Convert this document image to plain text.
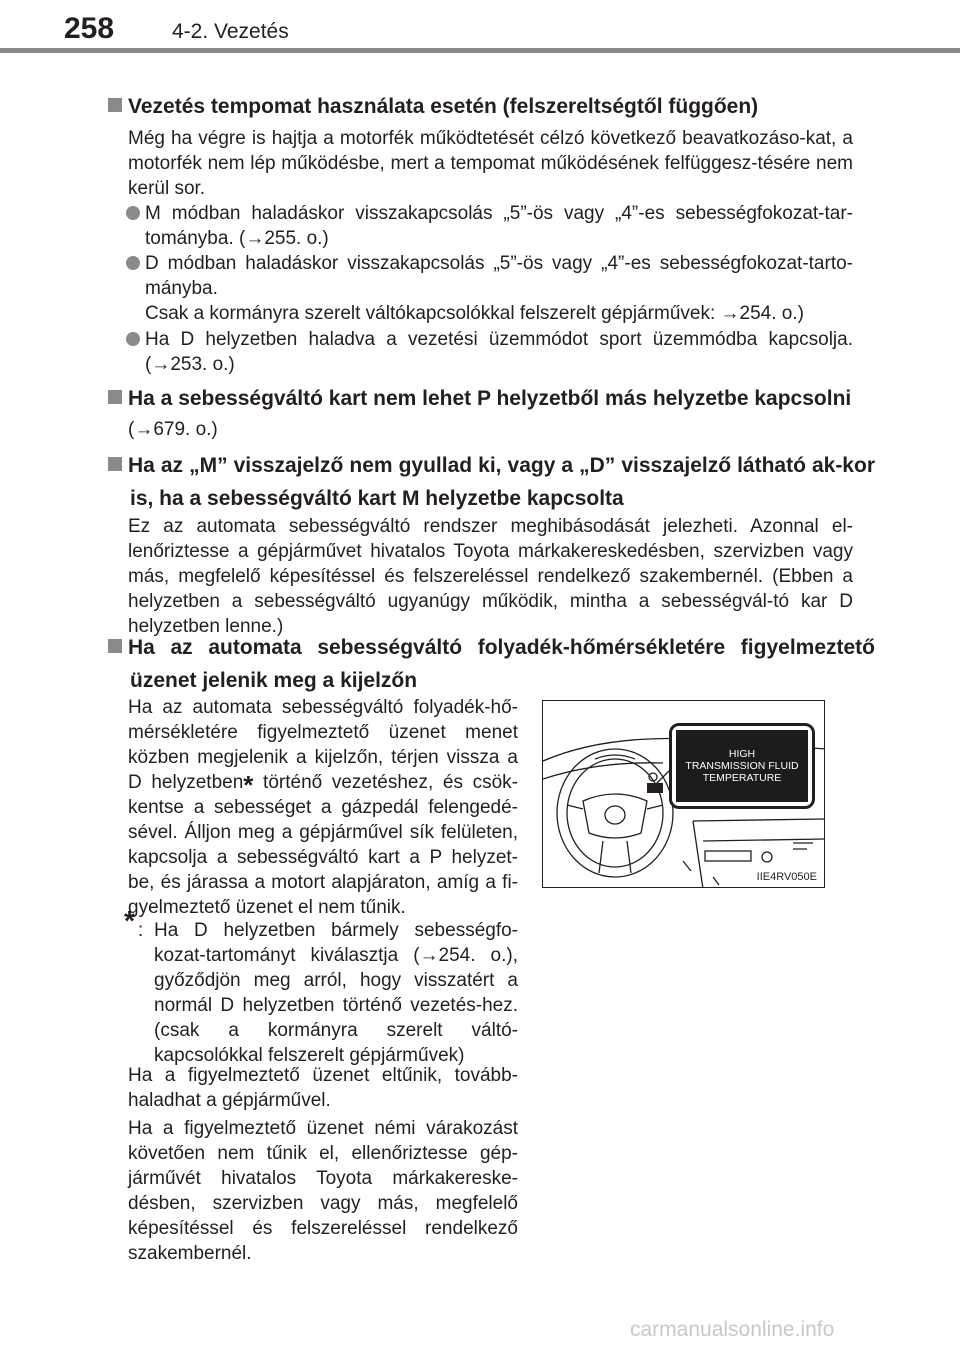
258	4-2. Vezetés
Vezetés tempomat használata esetén (felszereltségtől függően)
Még ha végre is hajtja a motorfék működtetését célzó következő beavatkozáso-kat, a motorfék nem lép működésbe, mert a tempomat működésének felfüggesz-tésére nem kerül sor.
M módban haladáskor visszakapcsolás „5”-ös vagy „4”-es sebességfokozat-tar-tományba. (→255. o.)
D módban haladáskor visszakapcsolás „5”-ös vagy „4”-es sebességfokozat-tarto-mányba.
Csak a kormányra szerelt váltókapcsolókkal felszerelt gépjárművek: →254. o.)
Ha D helyzetben haladva a vezetési üzemmódot sport üzemmódba kapcsolja. (→253. o.)
Ha a sebességváltó kart nem lehet P helyzetből más helyzetbe kapcsolni
(→679. o.)
Ha az „M” visszajelző nem gyullad ki, vagy a „D” visszajelző látható ak-kor is, ha a sebességváltó kart M helyzetbe kapcsolta
Ez az automata sebességváltó rendszer meghibásodását jelezheti. Azonnal el-lenőriztesse a gépjárművet hivatalos Toyota márkakereskedésben, szervizben vagy más, megfelelő képesítéssel és felszereléssel rendelkező szakembernél. (Ebben a helyzetben a sebességváltó ugyanúgy működik, mintha a sebességvál-tó kar D helyzetben lenne.)
Ha az automata sebességváltó folyadék-hőmérsékletére figyelmeztető üzenet jelenik meg a kijelzőn
Ha az automata sebességváltó folyadék-hő-mérsékletére figyelmeztető üzenet menet közben megjelenik a kijelzőn, térjen vissza a D helyzetben* történő vezetéshez, és csök-kentse a sebességet a gázpedál felengedé-sével. Álljon meg a gépjárművel sík felületen, kapcsolja a sebességváltó kart a P helyzet-be, és járassa a motort alapjáraton, amíg a fi-gyelmeztető üzenet el nem tűnik.
* : Ha D helyzetben bármely sebességfo-kozat-tartományt kiválasztja (→254. o.), győződjön meg arról, hogy visszatért a normál D helyzetben történő vezetés-hez. (csak a kormányra szerelt váltó-kapcsolókkal felszerelt gépjárművek)
Ha a figyelmeztető üzenet eltűnik, tovább-haladhat a gépjárművel.
Ha a figyelmeztető üzenet némi várakozást követően nem tűnik el, ellenőriztesse gép-járművét hivatalos Toyota márkakereske-désben, szervizben vagy más, megfelelő képesítéssel és felszereléssel rendelkező szakembernél.
HIGH
TRANSMISSION FLUID
TEMPERATURE
IIE4RV050E
carmanualsonline.info
